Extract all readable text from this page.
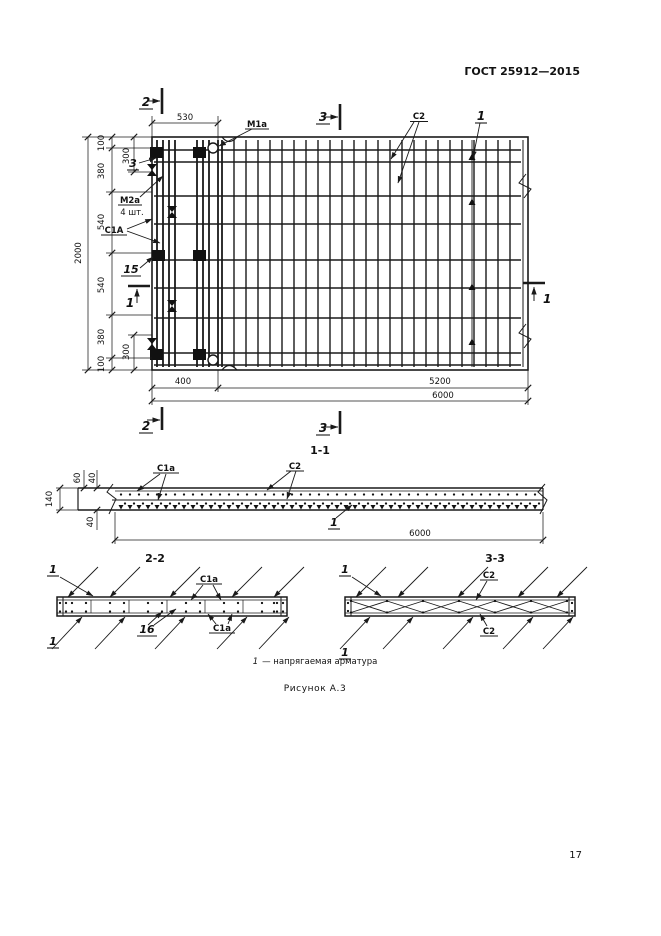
ГОСТ 25912—2015
2
530
М1а
3	С2	1
3
М2а
4 шт.
С1А
15
100
300
380
540
540
380
300
100
2000
1	1
400	5200
6000
2	3
1-1
С1а	С2
1
140
60 40
40
6000
2-2
1
С1а
16	С1а
1
3-3
1	С2
С2
1
1 — напрягаемая арматура
Рисунок А.3
17
